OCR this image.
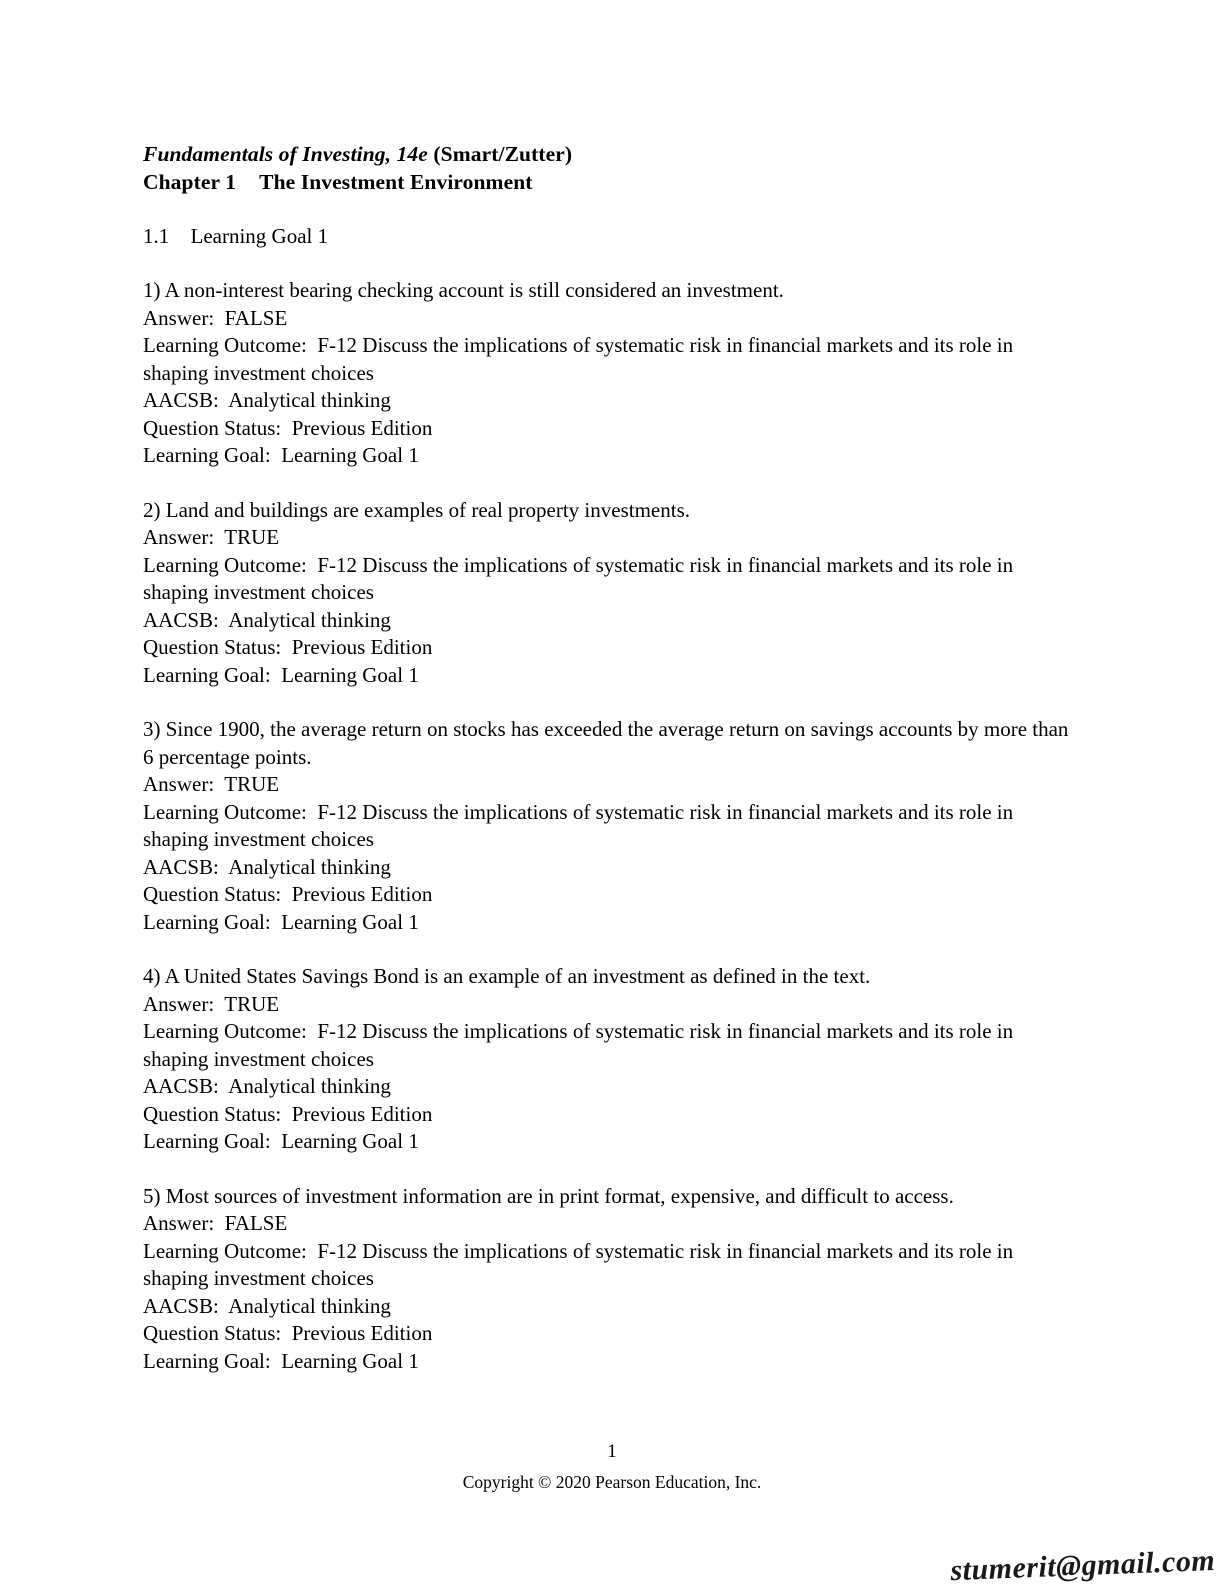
Fundamentals of Investing, 14e (Smart/Zutter)
Chapter 1 The Investment Environment
1.1 Learning Goal 1
1) A non-interest bearing checking account is still considered an investment.
Answer:  FALSE
Learning Outcome:  F-12 Discuss the implications of systematic risk in financial markets and its role in shaping investment choices
AACSB:  Analytical thinking
Question Status:  Previous Edition
Learning Goal:  Learning Goal 1
2) Land and buildings are examples of real property investments.
Answer:  TRUE
Learning Outcome:  F-12 Discuss the implications of systematic risk in financial markets and its role in shaping investment choices
AACSB:  Analytical thinking
Question Status:  Previous Edition
Learning Goal:  Learning Goal 1
3) Since 1900, the average return on stocks has exceeded the average return on savings accounts by more than 6 percentage points.
Answer:  TRUE
Learning Outcome:  F-12 Discuss the implications of systematic risk in financial markets and its role in shaping investment choices
AACSB:  Analytical thinking
Question Status:  Previous Edition
Learning Goal:  Learning Goal 1
4) A United States Savings Bond is an example of an investment as defined in the text.
Answer:  TRUE
Learning Outcome:  F-12 Discuss the implications of systematic risk in financial markets and its role in shaping investment choices
AACSB:  Analytical thinking
Question Status:  Previous Edition
Learning Goal:  Learning Goal 1
5) Most sources of investment information are in print format, expensive, and difficult to access.
Answer:  FALSE
Learning Outcome:  F-12 Discuss the implications of systematic risk in financial markets and its role in shaping investment choices
AACSB:  Analytical thinking
Question Status:  Previous Edition
Learning Goal:  Learning Goal 1
1
Copyright © 2020 Pearson Education, Inc.
stumerit@gmail.com
